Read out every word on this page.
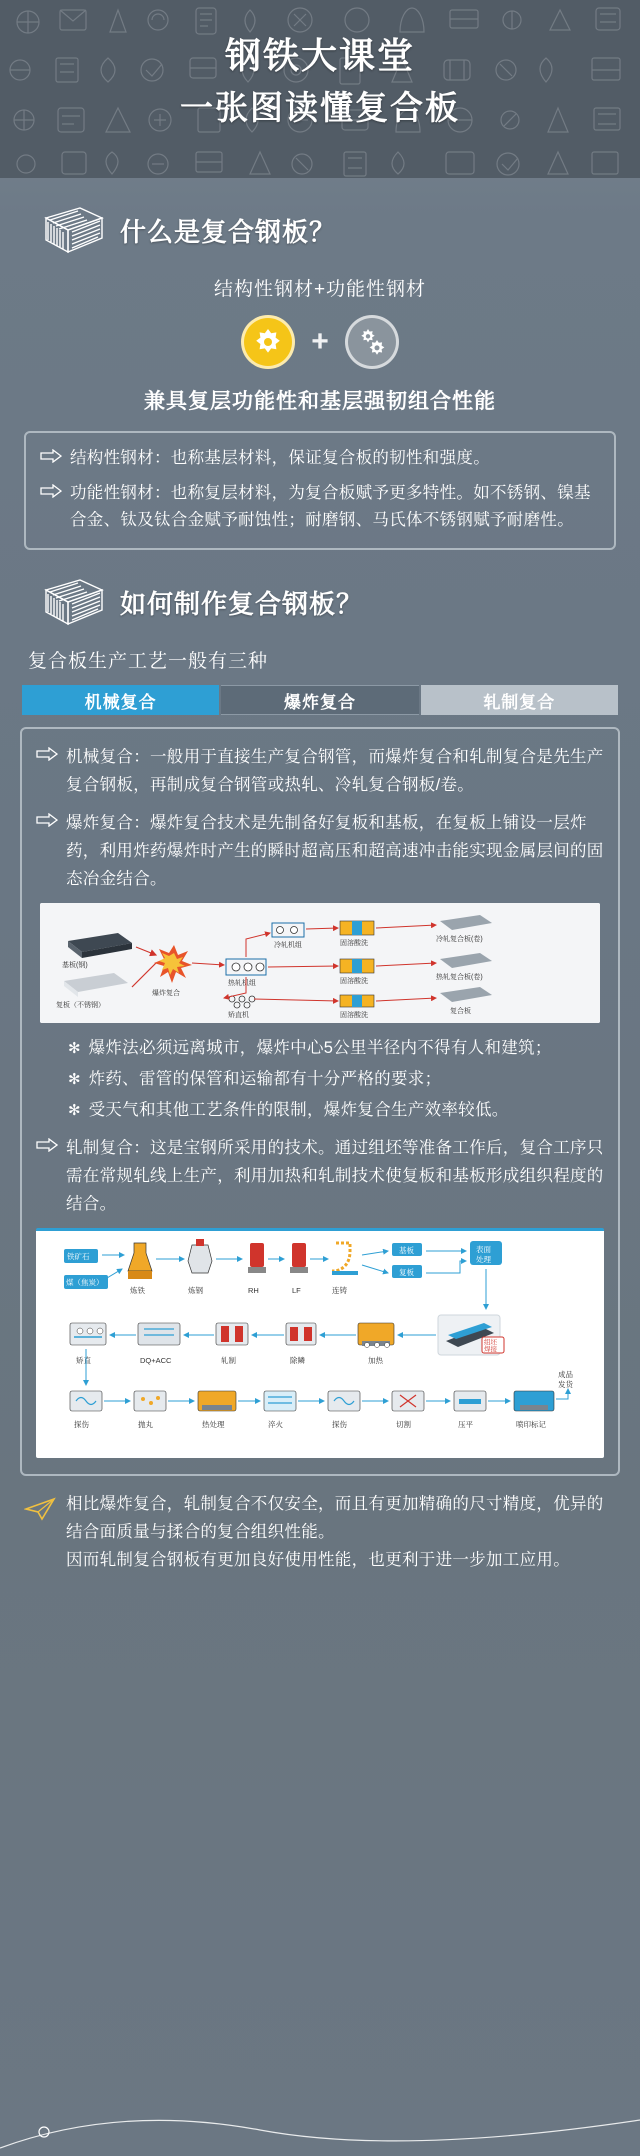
钢铁大课堂
一张图读懂复合板
什么是复合钢板？
结构性钢材+功能性钢材
+
兼具复层功能性和基层强韧组合性能
结构性钢材：也称基层材料，保证复合板的韧性和强度。
功能性钢材：也称复层材料，为复合板赋予更多特性。如不锈钢、镍基合金、钛及钛合金赋予耐蚀性；耐磨钢、马氏体不锈钢赋予耐磨性。
如何制作复合钢板？
复合板生产工艺一般有三种
机械复合	爆炸复合	轧制复合
机械复合：一般用于直接生产复合钢管，而爆炸复合和轧制复合是先生产复合钢板，再制成复合钢管或热轧、冷轧复合钢板/卷。
爆炸复合：爆炸复合技术是先制备好复板和基板，在复板上铺设一层炸药，利用炸药爆炸时产生的瞬时超高压和超高速冲击能实现金属层间的固态冶金结合。
基板(钢)
复板（不锈钢）
爆炸复合
热轧机组
冷轧机组
矫直机
固溶酸洗
固溶酸洗
固溶酸洗
冷轧复合板(卷)
热轧复合板(卷)
复合板
✻ 爆炸法必须远离城市，爆炸中心5公里半径内不得有人和建筑；
✻ 炸药、雷管的保管和运输都有十分严格的要求；
✻ 受天气和其他工艺条件的限制，爆炸复合生产效率较低。
轧制复合：这是宝钢所采用的技术。通过组坯等准备工作后，复合工序只需在常规轧线上生产，利用加热和轧制技术使复板和基板形成组织程度的结合。
铁矿石
煤（焦炭）
炼铁	炼钢	RH	LF	连铸
基板
复板
表面
处理
组坯
焊接
加热
除鳞
轧制
DQ+ACC
矫直
探伤	抛丸	热处理	淬火	探伤	切割	压平	喷印标记
成品
发货
相比爆炸复合，轧制复合不仅安全，而且有更加精确的尺寸精度，优异的结合面质量与揉合的复合组织性能。
因而轧制复合钢板有更加良好使用性能，也更利于进一步加工应用。
